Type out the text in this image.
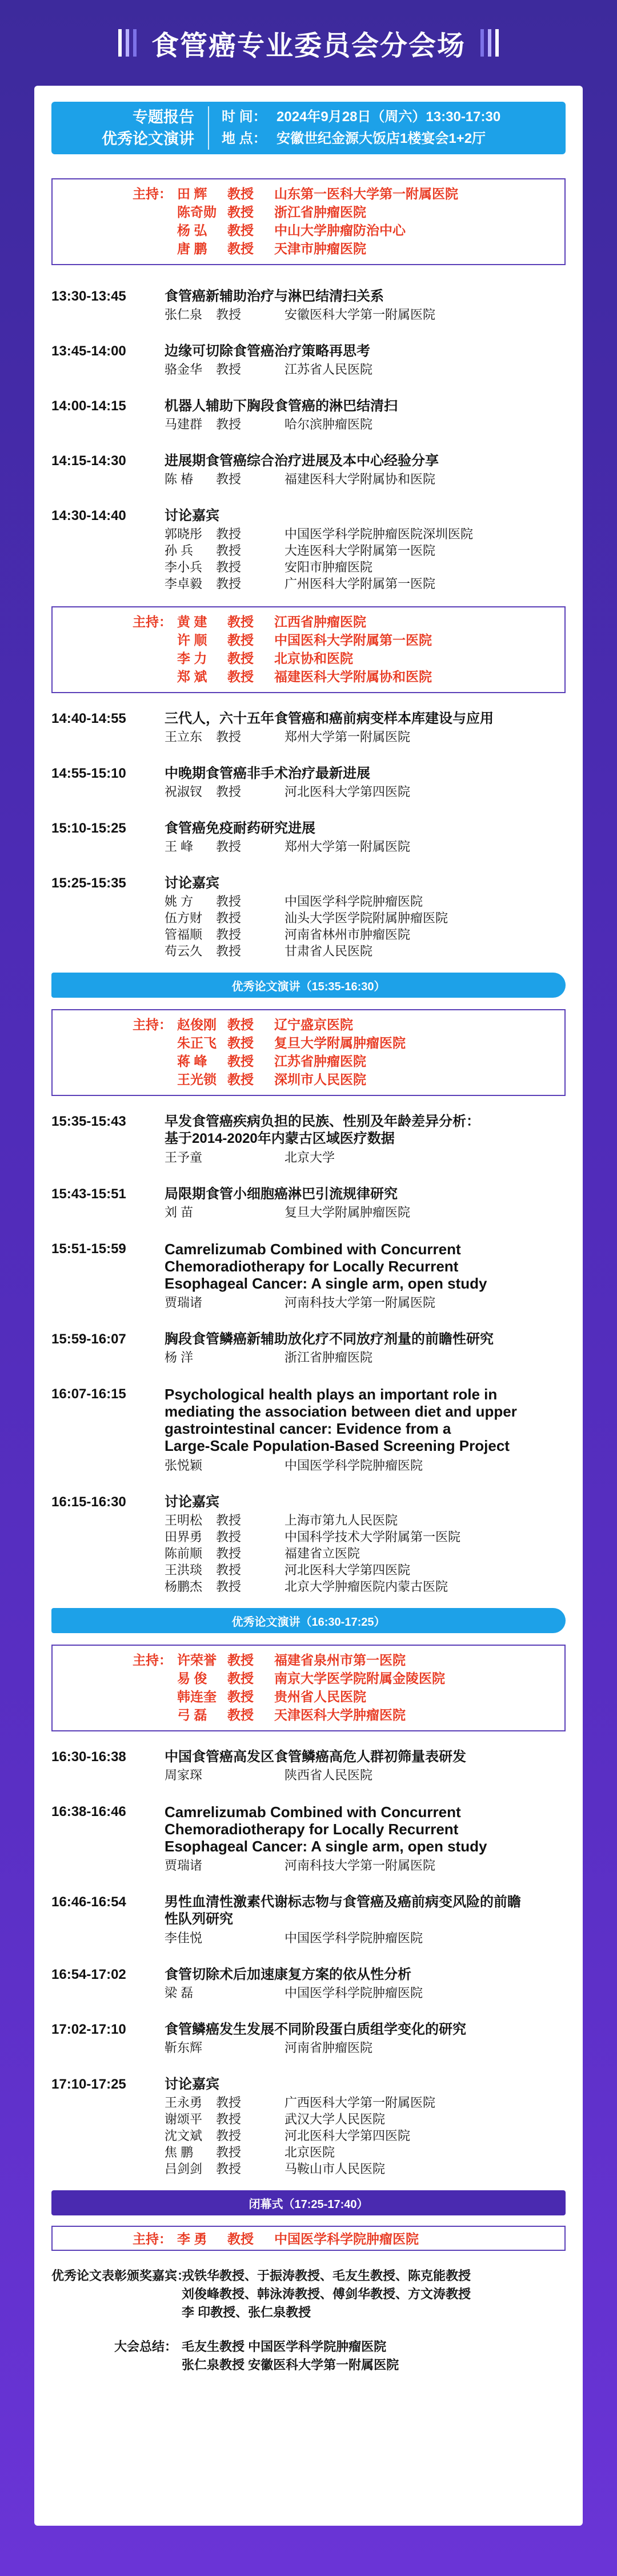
食管癌专业委员会分会场
专题报告
优秀论文演讲
时 间： 2024年9月28日（周六）13:30-17:30
地 点： 安徽世纪金源大饭店1楼宴会1+2厅
主持： 田 辉	教授	山东第一医科大学第一附属医院
陈奇勋 教授	浙江省肿瘤医院
杨 弘	教授	中山大学肿瘤防治中心
唐 鹏	教授	天津市肿瘤医院
13:30-13:45	食管癌新辅助治疗与淋巴结清扫关系
张仁泉	教授	安徽医科大学第一附属医院
13:45-14:00	边缘可切除食管癌治疗策略再思考
骆金华	教授	江苏省人民医院
14:00-14:15	机器人辅助下胸段食管癌的淋巴结清扫
马建群	教授	哈尔滨肿瘤医院
14:15-14:30	进展期食管癌综合治疗进展及本中心经验分享
陈 椿	教授	福建医科大学附属协和医院
14:30-14:40	讨论嘉宾
郭晓彤	教授	中国医学科学院肿瘤医院深圳医院
孙 兵	教授	大连医科大学附属第一医院
李小兵	教授	安阳市肿瘤医院
李卓毅	教授	广州医科大学附属第一医院
主持： 黄 建	教授	江西省肿瘤医院
许 顺	教授	中国医科大学附属第一医院
李 力	教授	北京协和医院
郑 斌	教授	福建医科大学附属协和医院
14:40-14:55	三代人，六十五年食管癌和癌前病变样本库建设与应用
王立东	教授	郑州大学第一附属医院
14:55-15:10	中晚期食管癌非手术治疗最新进展
祝淑钗	教授	河北医科大学第四医院
15:10-15:25	食管癌免疫耐药研究进展
王 峰	教授	郑州大学第一附属医院
15:25-15:35	讨论嘉宾
姚 方	教授	中国医学科学院肿瘤医院
伍方财	教授	汕头大学医学院附属肿瘤医院
管福顺	教授	河南省林州市肿瘤医院
苟云久	教授	甘肃省人民医院
优秀论文演讲（15:35-16:30）
主持： 赵俊刚 教授	辽宁盛京医院
朱正飞 教授	复旦大学附属肿瘤医院
蒋 峰	教授	江苏省肿瘤医院
王光锁 教授	深圳市人民医院
15:35-15:43	早发食管癌疾病负担的民族、性别及年龄差异分析：
基于2014-2020年内蒙古区域医疗数据
王予童	北京大学
15:43-15:51	局限期食管小细胞癌淋巴引流规律研究
刘 苗	复旦大学附属肿瘤医院
15:51-15:59	Camrelizumab Combined with Concurrent
Chemoradiotherapy for Locally Recurrent
Esophageal Cancer: A single arm, open study
贾瑞诸	河南科技大学第一附属医院
15:59-16:07	胸段食管鳞癌新辅助放化疗不同放疗剂量的前瞻性研究
杨 洋	浙江省肿瘤医院
16:07-16:15	Psychological health plays an important role in
mediating the association between diet and upper
gastrointestinal cancer: Evidence from a
Large-Scale Population-Based Screening Project
张悦颖	中国医学科学院肿瘤医院
16:15-16:30	讨论嘉宾
王明松	教授	上海市第九人民医院
田界勇	教授	中国科学技术大学附属第一医院
陈前顺	教授	福建省立医院
王洪琰	教授	河北医科大学第四医院
杨鹏杰	教授	北京大学肿瘤医院内蒙古医院
优秀论文演讲（16:30-17:25）
主持： 许荣誉 教授	福建省泉州市第一医院
易 俊	教授	南京大学医学院附属金陵医院
韩连奎 教授	贵州省人民医院
弓 磊	教授	天津医科大学肿瘤医院
16:30-16:38	中国食管癌高发区食管鳞癌高危人群初筛量表研发
周家琛	陕西省人民医院
16:38-16:46	Camrelizumab Combined with Concurrent
Chemoradiotherapy for Locally Recurrent
Esophageal Cancer: A single arm, open study
贾瑞诸	河南科技大学第一附属医院
16:46-16:54	男性血清性激素代谢标志物与食管癌及癌前病变风险的前瞻
性队列研究
李佳悦	中国医学科学院肿瘤医院
16:54-17:02	食管切除术后加速康复方案的依从性分析
梁 磊	中国医学科学院肿瘤医院
17:02-17:10	食管鳞癌发生发展不同阶段蛋白质组学变化的研究
靳东辉	河南省肿瘤医院
17:10-17:25	讨论嘉宾
王永勇	教授	广西医科大学第一附属医院
谢颂平	教授	武汉大学人民医院
沈文斌	教授	河北医科大学第四医院
焦 鹏	教授	北京医院
吕剑剑	教授	马鞍山市人民医院
闭幕式（17:25-17:40）
主持： 李 勇	教授	中国医学科学院肿瘤医院
优秀论文表彰颁奖嘉宾：
戎铁华教授、于振涛教授、毛友生教授、陈克能教授
刘俊峰教授、韩泳涛教授、傅剑华教授、方文涛教授
李 印教授、张仁泉教授
大会总结： 毛友生教授 中国医学科学院肿瘤医院
张仁泉教授 安徽医科大学第一附属医院
